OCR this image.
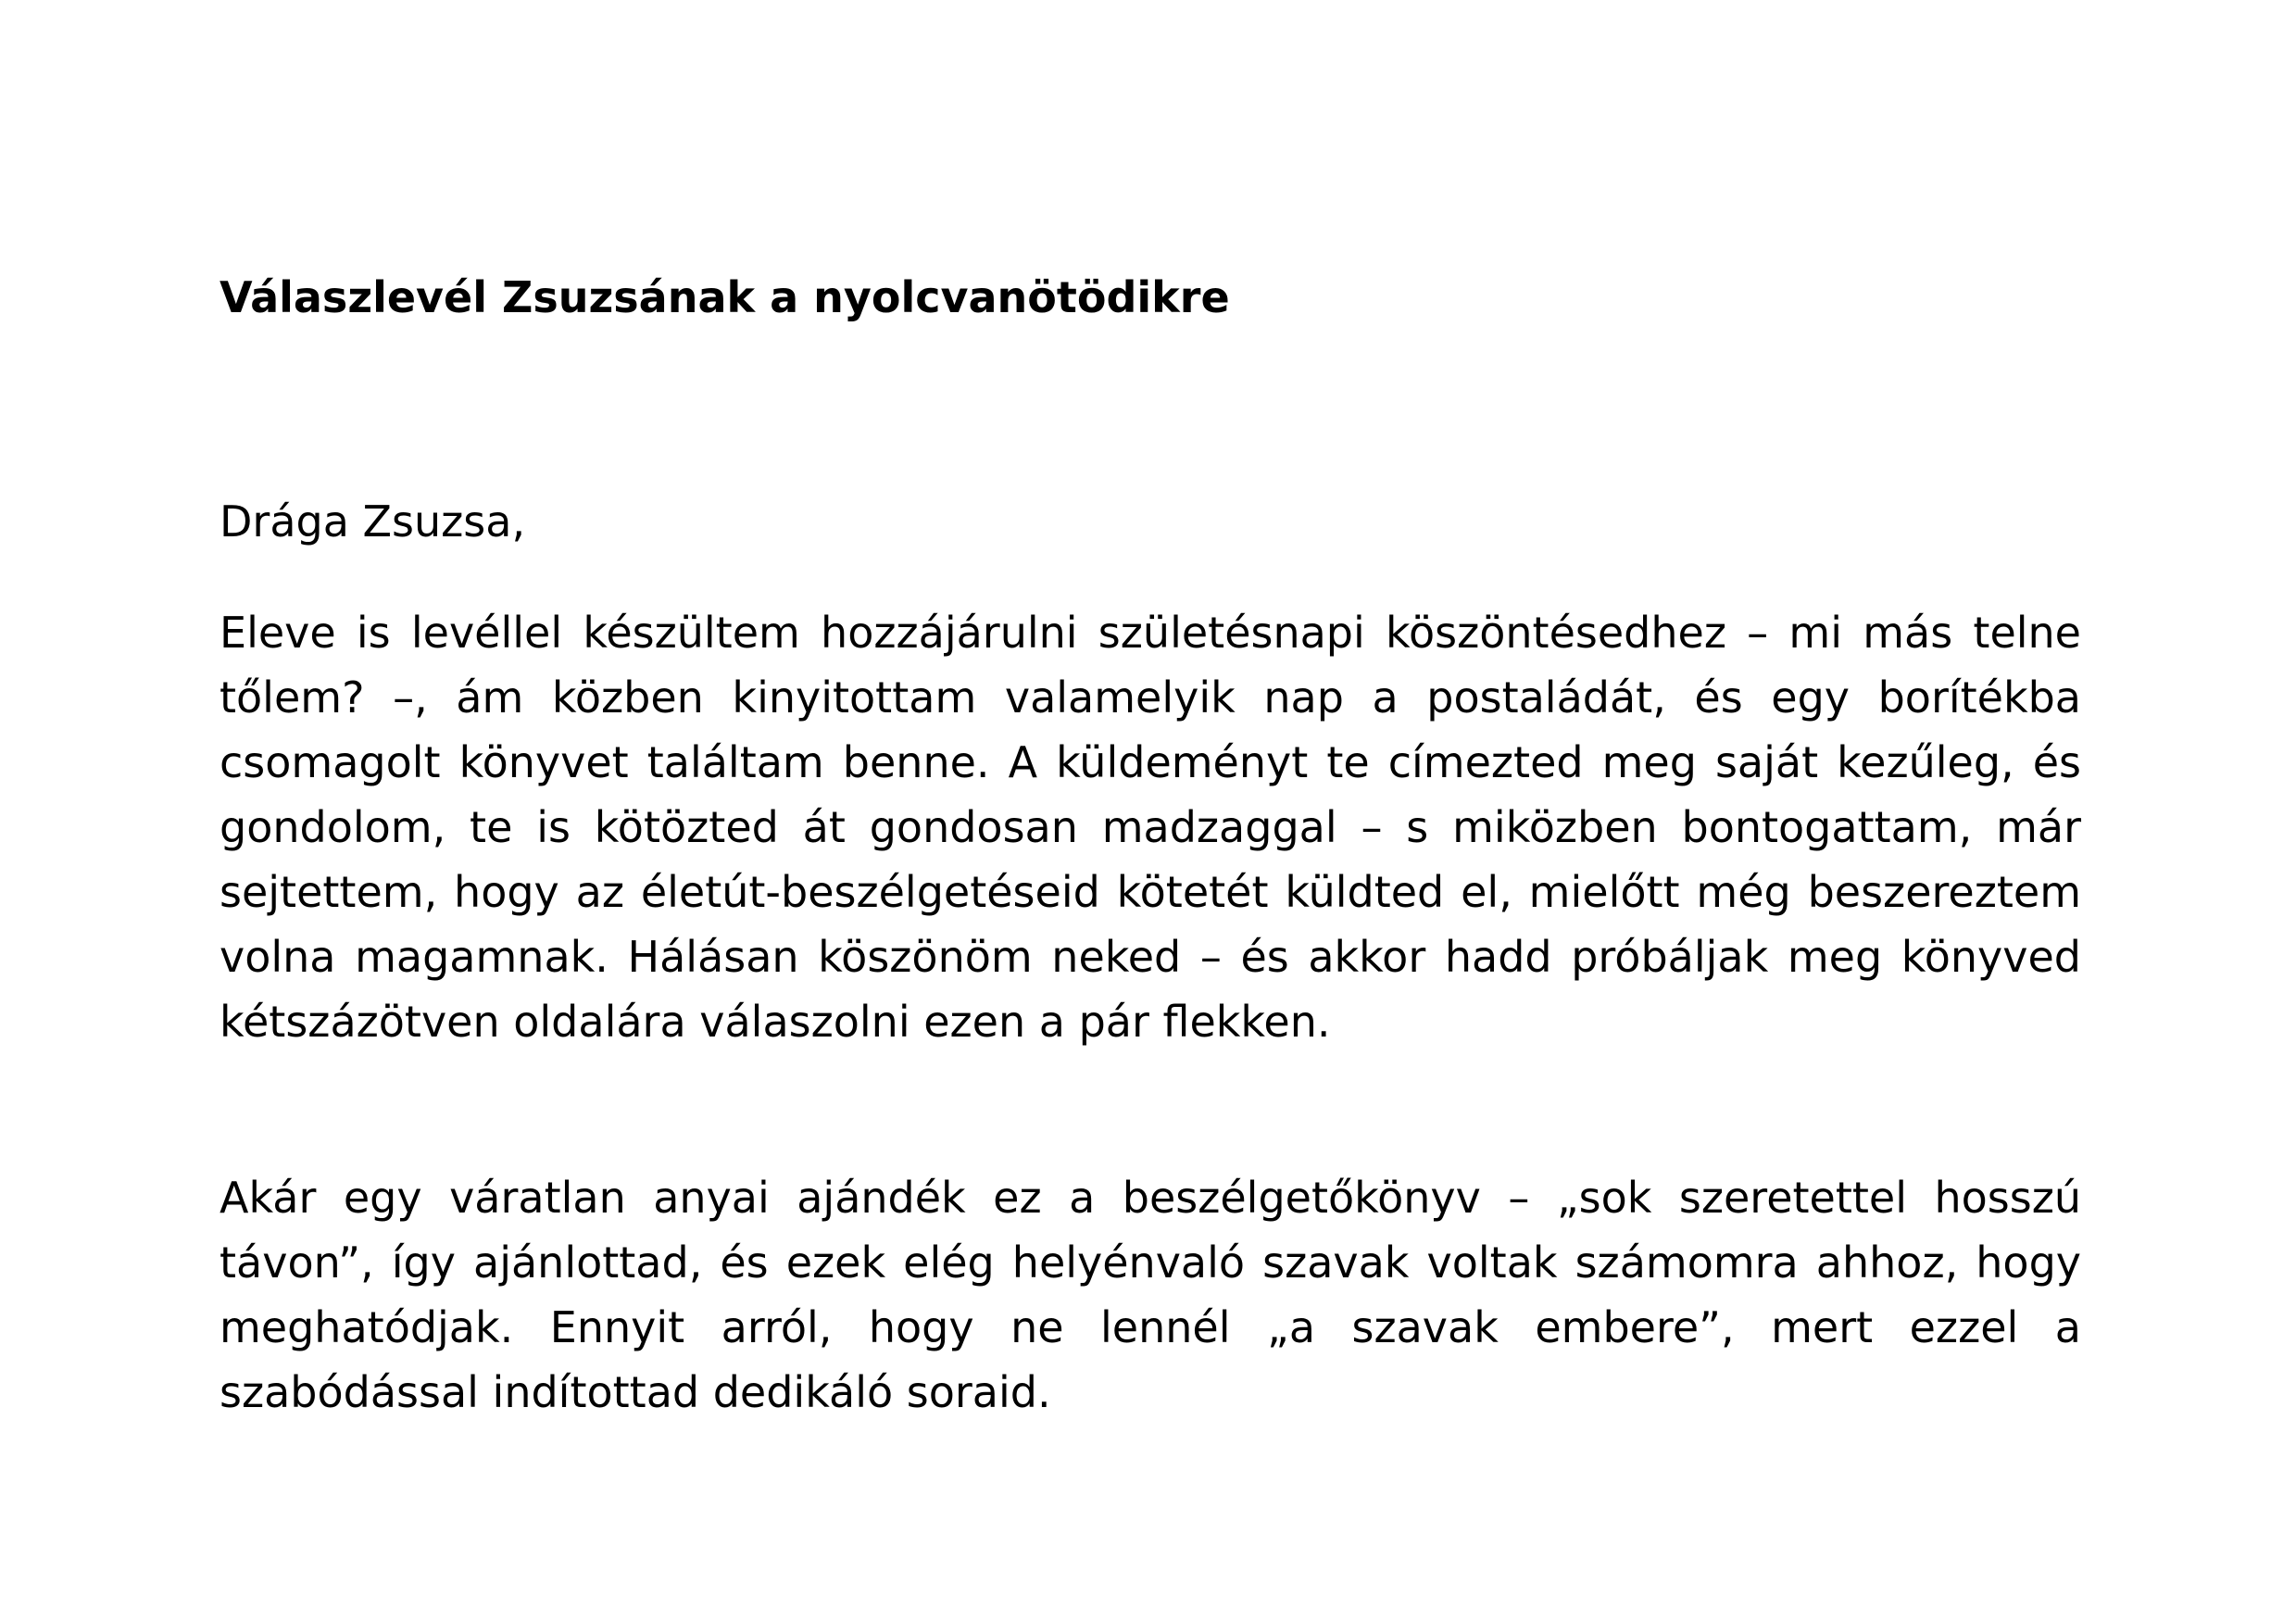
Válaszlevél Zsuzsának a nyolcvanötödikre

Drága Zsuzsa,

Eleve is levéllel készültem hozzájárulni születésnapi köszöntésedhez – mi más telne tőlem? –, ám közben kinyitottam valamelyik nap a postaládát, és egy borítékba csomagolt könyvet találtam benne. A küldeményt te címezted meg saját kezűleg, és gondolom, te is kötözted át gondosan madzaggal – s miközben bontogattam, már sejtettem, hogy az életút-beszélgetéseid kötetét küldted el, mielőtt még beszereztem volna magamnak. Hálásan köszönöm neked – és akkor hadd próbáljak meg könyved kétszázötven oldalára válaszolni ezen a pár flekken.

Akár egy váratlan anyai ajándék ez a beszélgetőkönyv – „sok szeretettel hosszú távon”, így ajánlottad, és ezek elég helyénvaló szavak voltak számomra ahhoz, hogy meghatódjak. Ennyit arról, hogy ne lennél „a szavak embere”, mert ezzel a szabódással indítottad dedikáló soraid.
